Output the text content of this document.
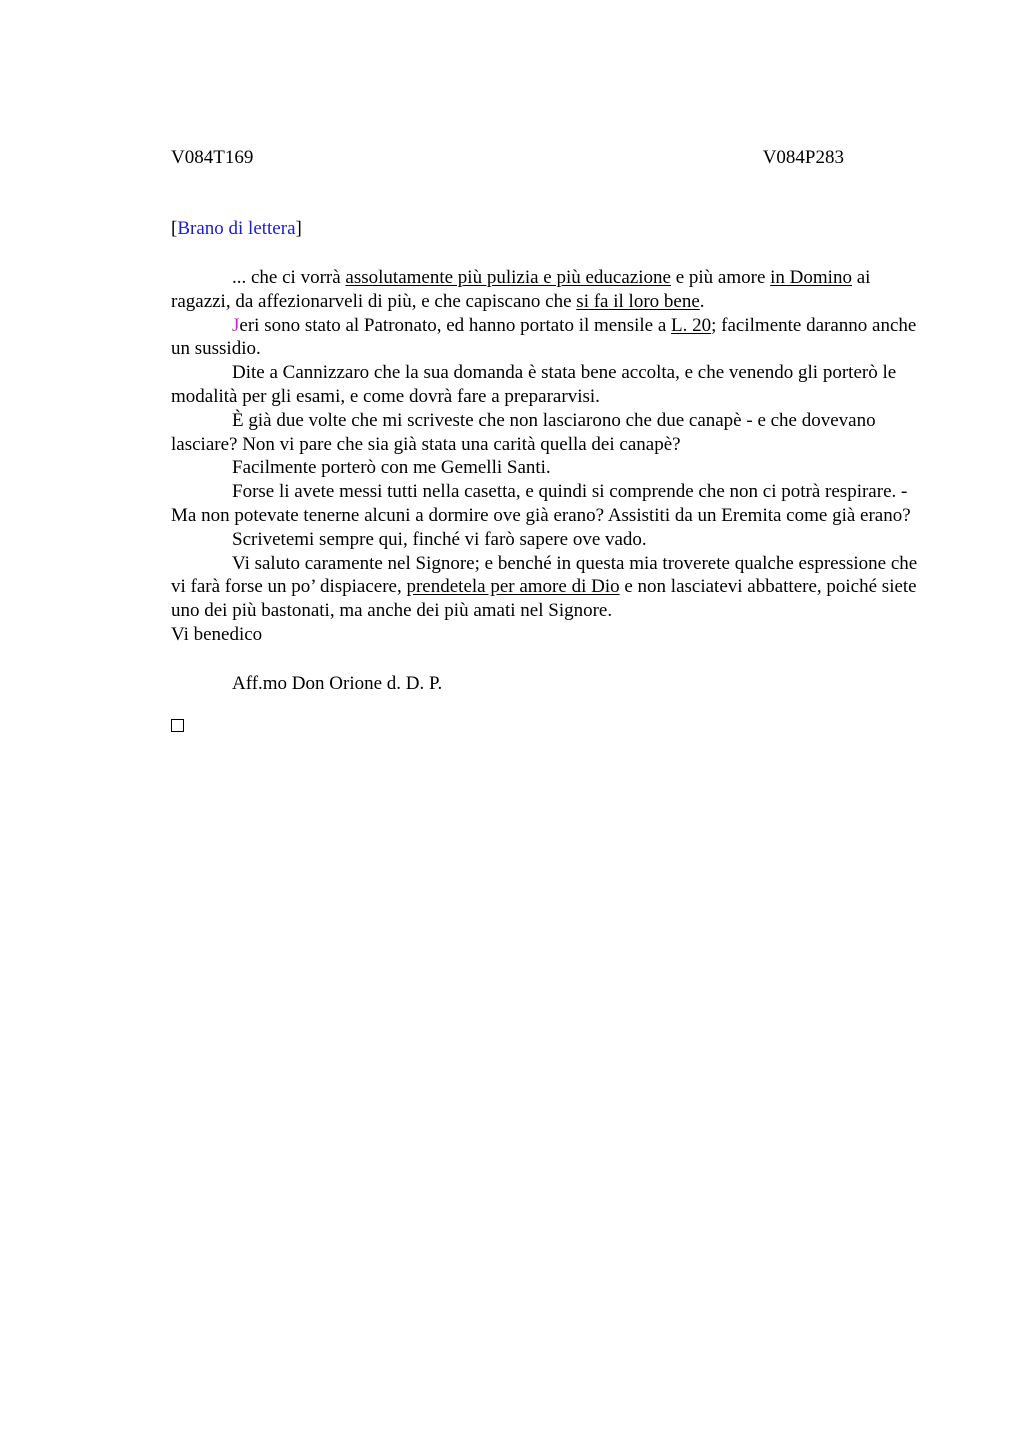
V084T169	V084P283
[Brano di lettera]

... che ci vorrà assolutamente più pulizia e più educazione e più amore in Domino ai ragazzi, da affezionarveli di più, e che capiscano che si fa il loro bene.

Jeri sono stato al Patronato, ed hanno portato il mensile a L. 20; facilmente daranno anche un sussidio.

Dite a Cannizzaro che la sua domanda è stata bene accolta, e che venendo gli porterò le modalità per gli esami, e come dovrà fare a prepararvisi.

È già due volte che mi scriveste che non lasciarono che due canapè - e che dovevano lasciare? Non vi pare che sia già stata una carità quella dei canapè?

Facilmente porterò con me Gemelli Santi.

Forse li avete messi tutti nella casetta, e quindi si comprende che non ci potrà respirare. - Ma non potevate tenerne alcuni a dormire ove già erano? Assistiti da un Eremita come già erano?

Scrivetemi sempre qui, finché vi farò sapere ove vado.

Vi saluto caramente nel Signore; e benché in questa mia troverete qualche espressione che vi farà forse un po’ dispiacere, prendetela per amore di Dio e non lasciatevi abbattere, poiché siete uno dei più bastonati, ma anche dei più amati nel Signore.

Vi benedico

Aff.mo Don Orione d. D. P.
